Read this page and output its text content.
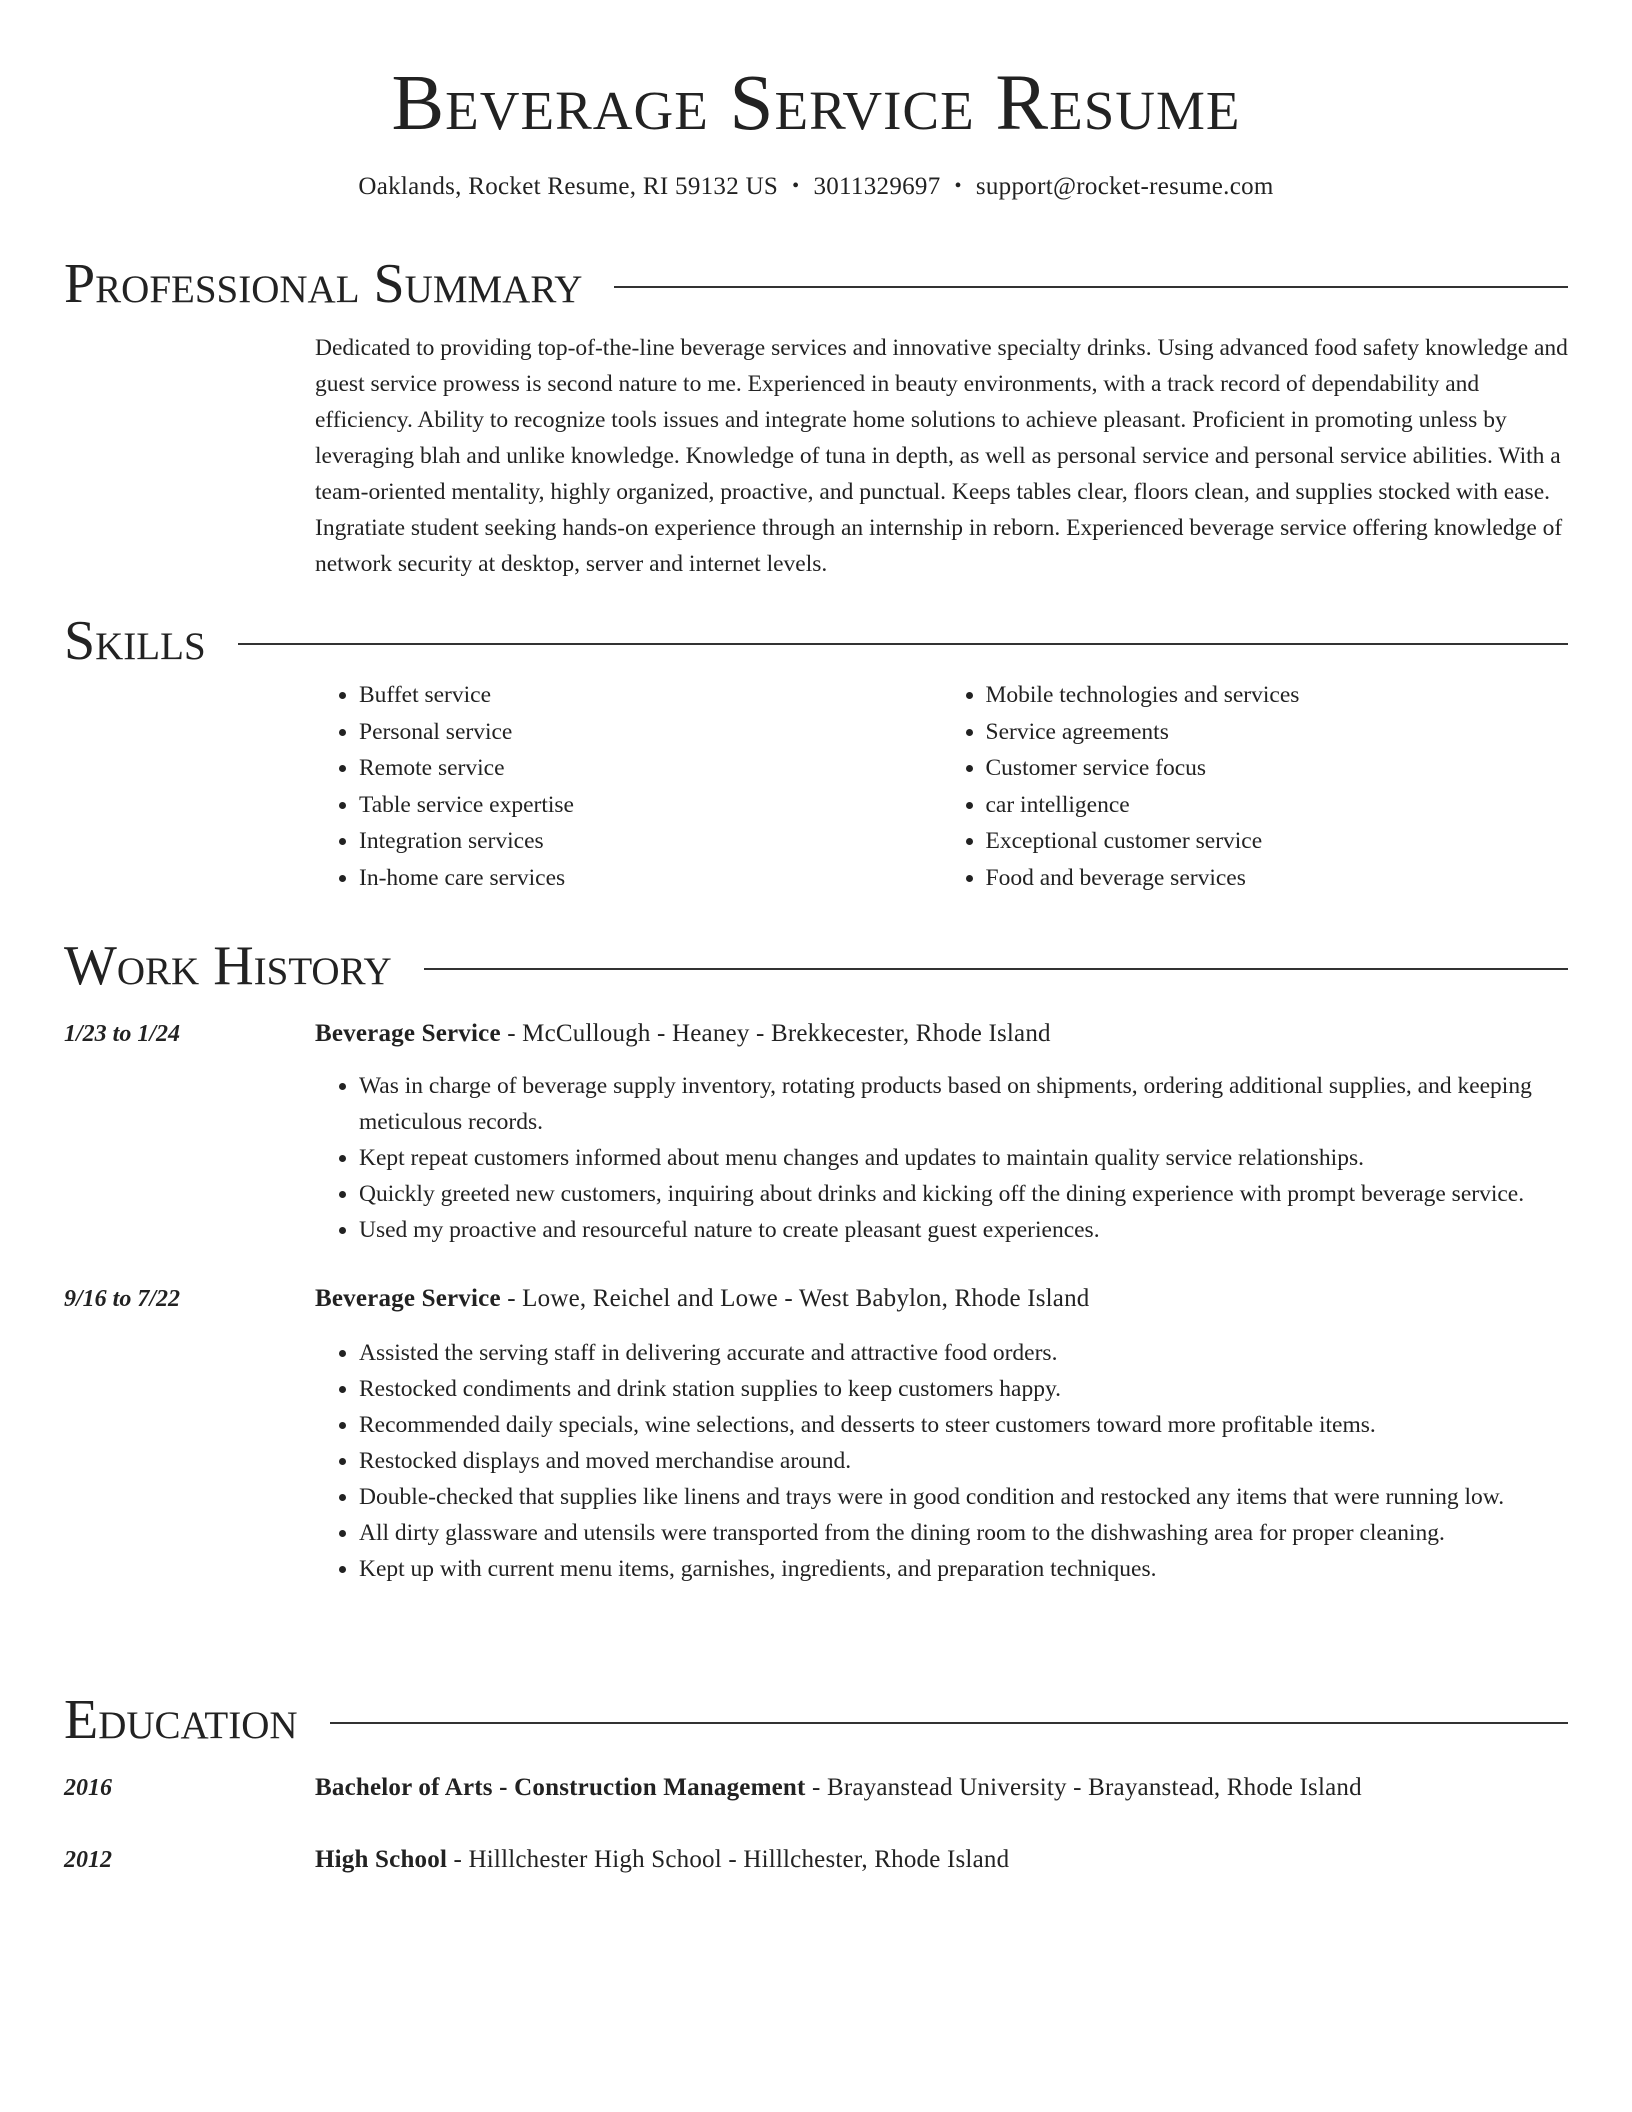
Beverage Service Resume
Oaklands, Rocket Resume, RI 59132 US • 3011329697 • support@rocket-resume.com
Professional Summary

Dedicated to providing top-of-the-line beverage services and innovative specialty drinks. Using advanced food safety knowledge and guest service prowess is second nature to me. Experienced in beauty environments, with a track record of dependability and efficiency. Ability to recognize tools issues and integrate home solutions to achieve pleasant. Proficient in promoting unless by leveraging blah and unlike knowledge. Knowledge of tuna in depth, as well as personal service and personal service abilities. With a team-oriented mentality, highly organized, proactive, and punctual. Keeps tables clear, floors clean, and supplies stocked with ease. Ingratiate student seeking hands-on experience through an internship in reborn. Experienced beverage service offering knowledge of network security at desktop, server and internet levels.

Skills
• Buffet service
• Personal service
• Remote service
• Table service expertise
• Integration services
• In-home care services
• Mobile technologies and services
• Service agreements
• Customer service focus
• car intelligence
• Exceptional customer service
• Food and beverage services
Work History
1/23 to 1/24	Beverage Service - McCullough - Heaney - Brekkecester, Rhode Island
• Was in charge of beverage supply inventory, rotating products based on shipments, ordering additional supplies, and keeping meticulous records.
• Kept repeat customers informed about menu changes and updates to maintain quality service relationships.
• Quickly greeted new customers, inquiring about drinks and kicking off the dining experience with prompt beverage service.
• Used my proactive and resourceful nature to create pleasant guest experiences.
9/16 to 7/22	Beverage Service - Lowe, Reichel and Lowe - West Babylon, Rhode Island
• Assisted the serving staff in delivering accurate and attractive food orders.
• Restocked condiments and drink station supplies to keep customers happy.
• Recommended daily specials, wine selections, and desserts to steer customers toward more profitable items.
• Restocked displays and moved merchandise around.
• Double-checked that supplies like linens and trays were in good condition and restocked any items that were running low.
• All dirty glassware and utensils were transported from the dining room to the dishwashing area for proper cleaning.
• Kept up with current menu items, garnishes, ingredients, and preparation techniques.
Education
2016	Bachelor of Arts - Construction Management - Brayanstead University - Brayanstead, Rhode Island
2012	High School - Hilllchester High School - Hilllchester, Rhode Island
